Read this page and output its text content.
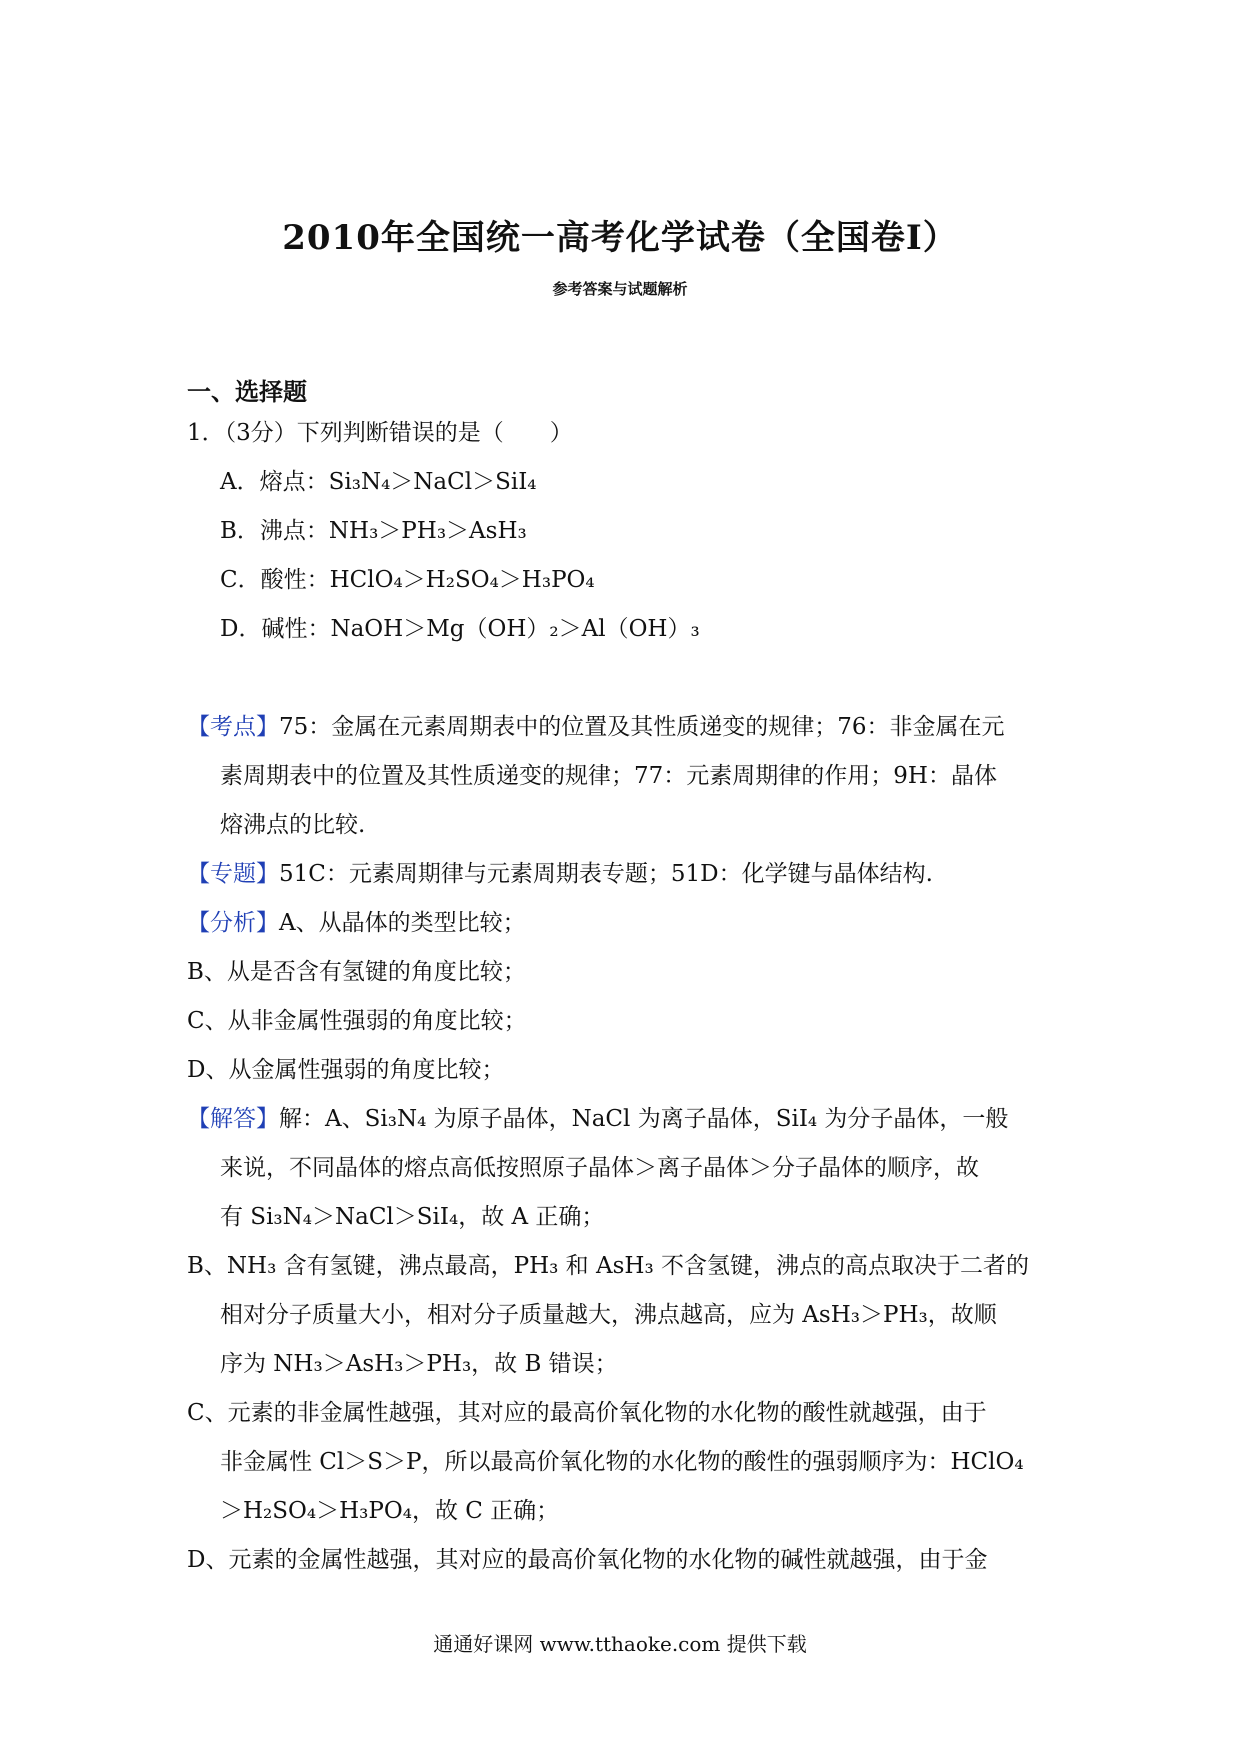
2010年全国统一高考化学试卷（全国卷I）
参考答案与试题解析
一、选择题
1．（3分）下列判断错误的是（　　）
A．熔点：Si₃N₄＞NaCl＞SiI₄
B．沸点：NH₃＞PH₃＞AsH₃
C．酸性：HClO₄＞H₂SO₄＞H₃PO₄
D．碱性：NaOH＞Mg（OH）₂＞Al（OH）₃
【考点】75：金属在元素周期表中的位置及其性质递变的规律；76：非金属在元
素周期表中的位置及其性质递变的规律；77：元素周期律的作用；9H：晶体
熔沸点的比较.
【专题】51C：元素周期律与元素周期表专题；51D：化学键与晶体结构.
【分析】A、从晶体的类型比较；
B、从是否含有氢键的角度比较；
C、从非金属性强弱的角度比较；
D、从金属性强弱的角度比较；
【解答】解：A、Si₃N₄ 为原子晶体，NaCl 为离子晶体，SiI₄ 为分子晶体，一般
来说，不同晶体的熔点高低按照原子晶体＞离子晶体＞分子晶体的顺序，故
有 Si₃N₄＞NaCl＞SiI₄，故 A 正确；
B、NH₃ 含有氢键，沸点最高，PH₃ 和 AsH₃ 不含氢键，沸点的高点取决于二者的
相对分子质量大小，相对分子质量越大，沸点越高，应为 AsH₃＞PH₃，故顺
序为 NH₃＞AsH₃＞PH₃，故 B 错误；
C、元素的非金属性越强，其对应的最高价氧化物的水化物的酸性就越强，由于
非金属性 Cl＞S＞P，所以最高价氧化物的水化物的酸性的强弱顺序为：HClO₄
＞H₂SO₄＞H₃PO₄，故 C 正确；
D、元素的金属性越强，其对应的最高价氧化物的水化物的碱性就越强，由于金
通通好课网 www.tthaoke.com 提供下载
